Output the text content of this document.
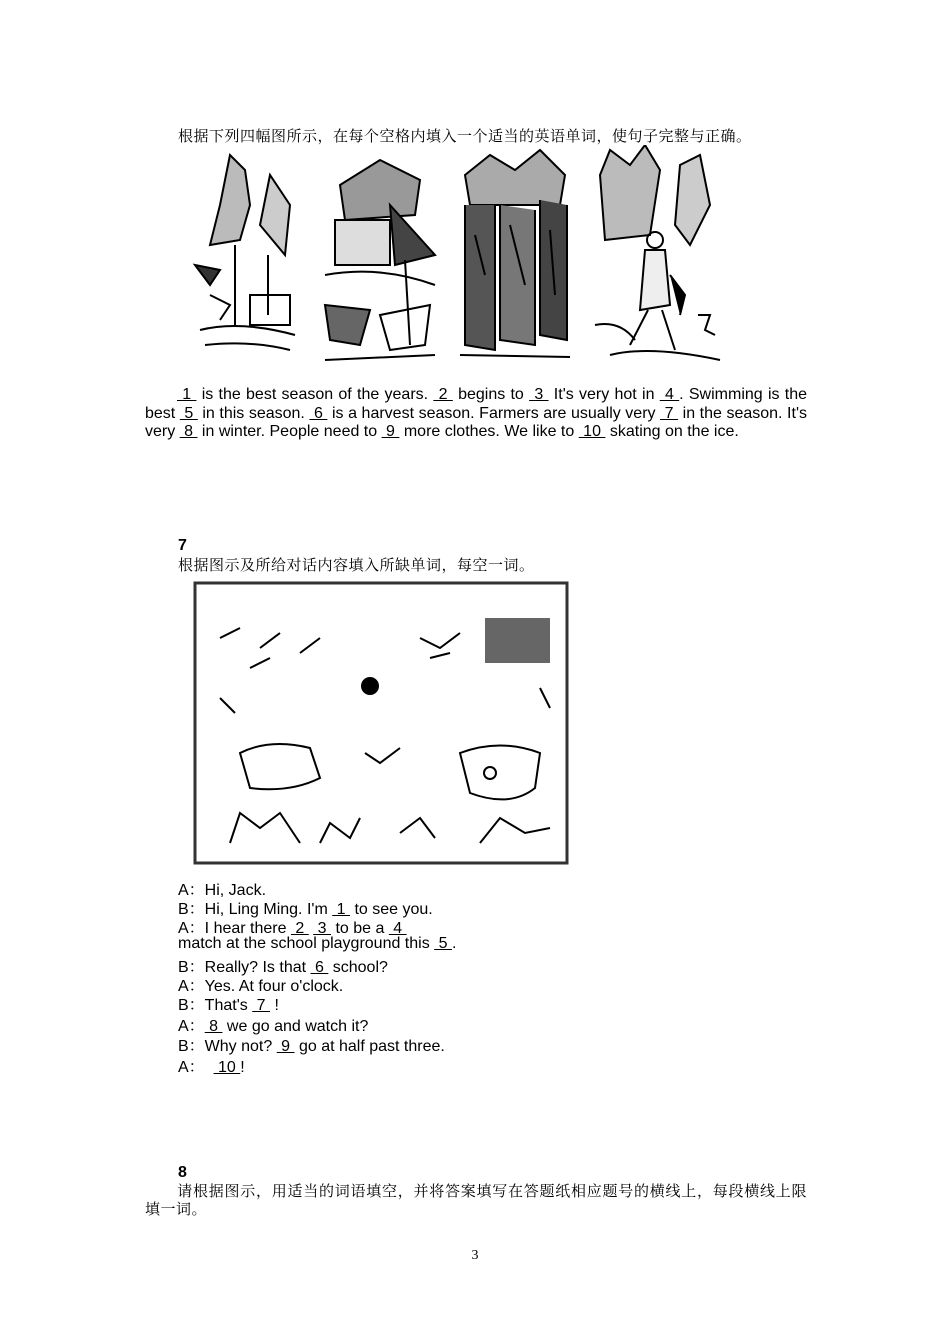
根据下列四幅图所示，在每个空格内填入一个适当的英语单词，使句子完整与正确。
1  is the best season of the years.  2  begins to  3  It's very hot in  4 . Swimming is the best  5  in this season.  6  is a harvest season. Farmers are usually very  7  in the season. It's very  8  in winter. People need to  9  more clothes. We like to  10  skating on the ice.
7
根据图示及所给对话内容填入所缺单词，每空一词。
A：Hi, Jack.
B：Hi, Ling Ming. I'm  1  to see you.
A：I hear there  2   3  to be a  4
match at the school playground this  5 .
B：Really? Is that  6  school?
A：Yes. At four o'clock.
B：That's  7  !
A： 8  we go and watch it?
B：Why not?  9  go at half past three.
A：   10 !
8
请根据图示，用适当的词语填空，并将答案填写在答题纸相应题号的横线上，每段横线上限填一词。
3
